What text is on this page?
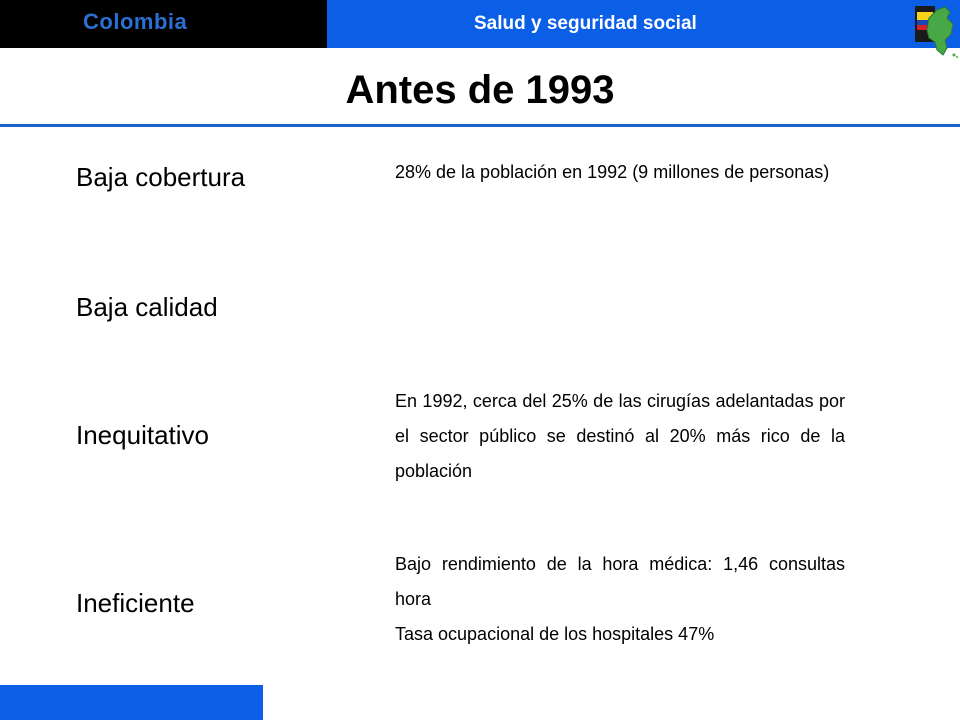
Colombia	Salud y seguridad social
Antes de 1993
Baja cobertura	28% de la población en 1992 (9 millones de personas)
Baja calidad
Inequitativo
En 1992, cerca del 25% de las cirugías adelantadas por el sector público se destinó al 20% más rico de la población
Ineficiente
Bajo rendimiento de la hora médica: 1,46 consultas hora
Tasa ocupacional de los hospitales 47%
